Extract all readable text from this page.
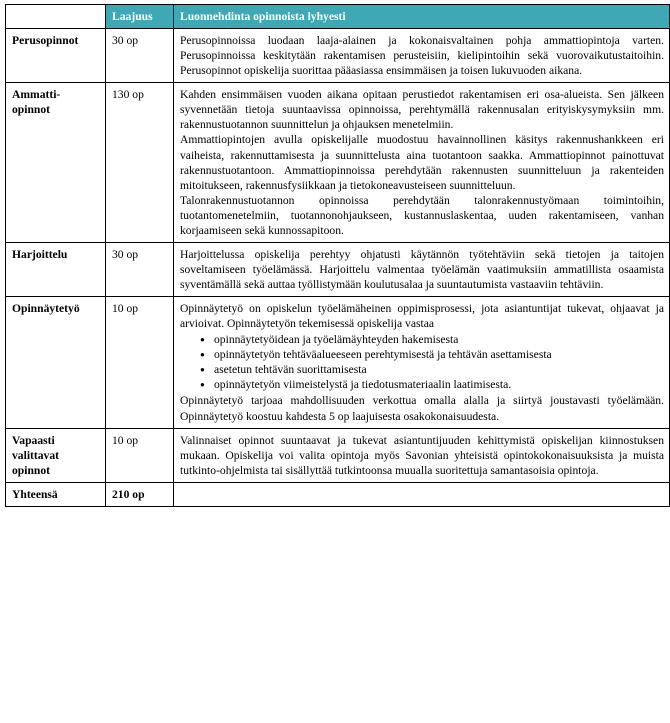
	Laajuus	Luonnehdinta opinnoista lyhyesti
Perusopinnot	30 op	Perusopinnoissa luodaan laaja-alainen ja kokonaisvaltainen pohja ammattiopintoja varten. Perusopinnoissa keskitytään rakentamisen perusteisiin, kielipintoihin sekä vuorovaikutustaitoihin. Perusopinnot opiskelija suorittaa pääasiassa ensimmäisen ja toisen lukuvuoden aikana.

Ammatti-
opinnot	130 op	Kahden ensimmäisen vuoden aikana opitaan perustiedot rakentamisen eri osa-alueista. Sen jälkeen syvennetään tietoja suuntaavissa opinnoissa, perehtymällä rakennusalan erityiskysymyksiin mm. rakennustuotannon suunnittelun ja ohjauksen menetelmiin.

Ammattiopintojen avulla opiskelijalle muodostuu havainnollinen käsitys rakennushankkeen eri vaiheista, rakennuttamisesta ja suunnittelusta aina tuotantoon saakka. Ammattiopinnot painottuvat rakennustuotantoon. Ammattiopinnoissa perehdytään rakennusten suunnitteluun ja rakenteiden mitoitukseen, rakennusfysiikkaan ja tietokoneavusteiseen suunnitteluun.

Talonrakennustuotannon opinnoissa perehdytään talonrakennustyömaan toimintoihin, tuotantomenetelmiin, tuotannonohjaukseen, kustannuslaskentaa, uuden rakentamiseen, vanhan korjaamiseen sekä kunnossapitoon.

Harjoittelu	30 op	Harjoittelussa opiskelija perehtyy ohjatusti käytännön työtehtäviin sekä tietojen ja taitojen soveltamiseen työelämässä. Harjoittelu valmentaa työelämän vaatimuksiin ammatillista osaamista syventämällä sekä auttaa työllistymään koulutusalaa ja suuntautumista vastaaviin tehtäviin.

Opinnäytetyö	10 op	Opinnäytetyö on opiskelun työelämäheinen oppimisprosessi, jota asiantuntijat tukevat, ohjaavat ja arvioivat. Opinnäytetyön tekemisessä opiskelija vastaa

● opinnäytetyöidean ja työelämäyhteyden hakemisesta
● opinnäytetyön tehtäväalueeseen perehtymisestä ja tehtävän asettamisesta
● asetetun tehtävän suorittamisesta
● opinnäytetyön viimeistelystä ja tiedotusmateriaalin laatimisesta.

Opinnäytetyö tarjoaa mahdollisuuden verkottua omalla alalla ja siirtyä joustavasti työelämään. Opinnäytetyö koostuu kahdesta 5 op laajuisesta osakokonaisuudesta.

Vapaasti
valittavat
opinnot	10 op	Valinnaiset opinnot suuntaavat ja tukevat asiantuntijuuden kehittymistä opiskelijan kiinnostuksen mukaan. Opiskelija voi valita opintoja myös Savonian yhteisistä opintokokonaisuuksista ja muista tutkinto-ohjelmista tai sisällyttää tutkintoonsa muualla suoritettuja samantasoisia opintoja.

Yhteensä	210 op	
